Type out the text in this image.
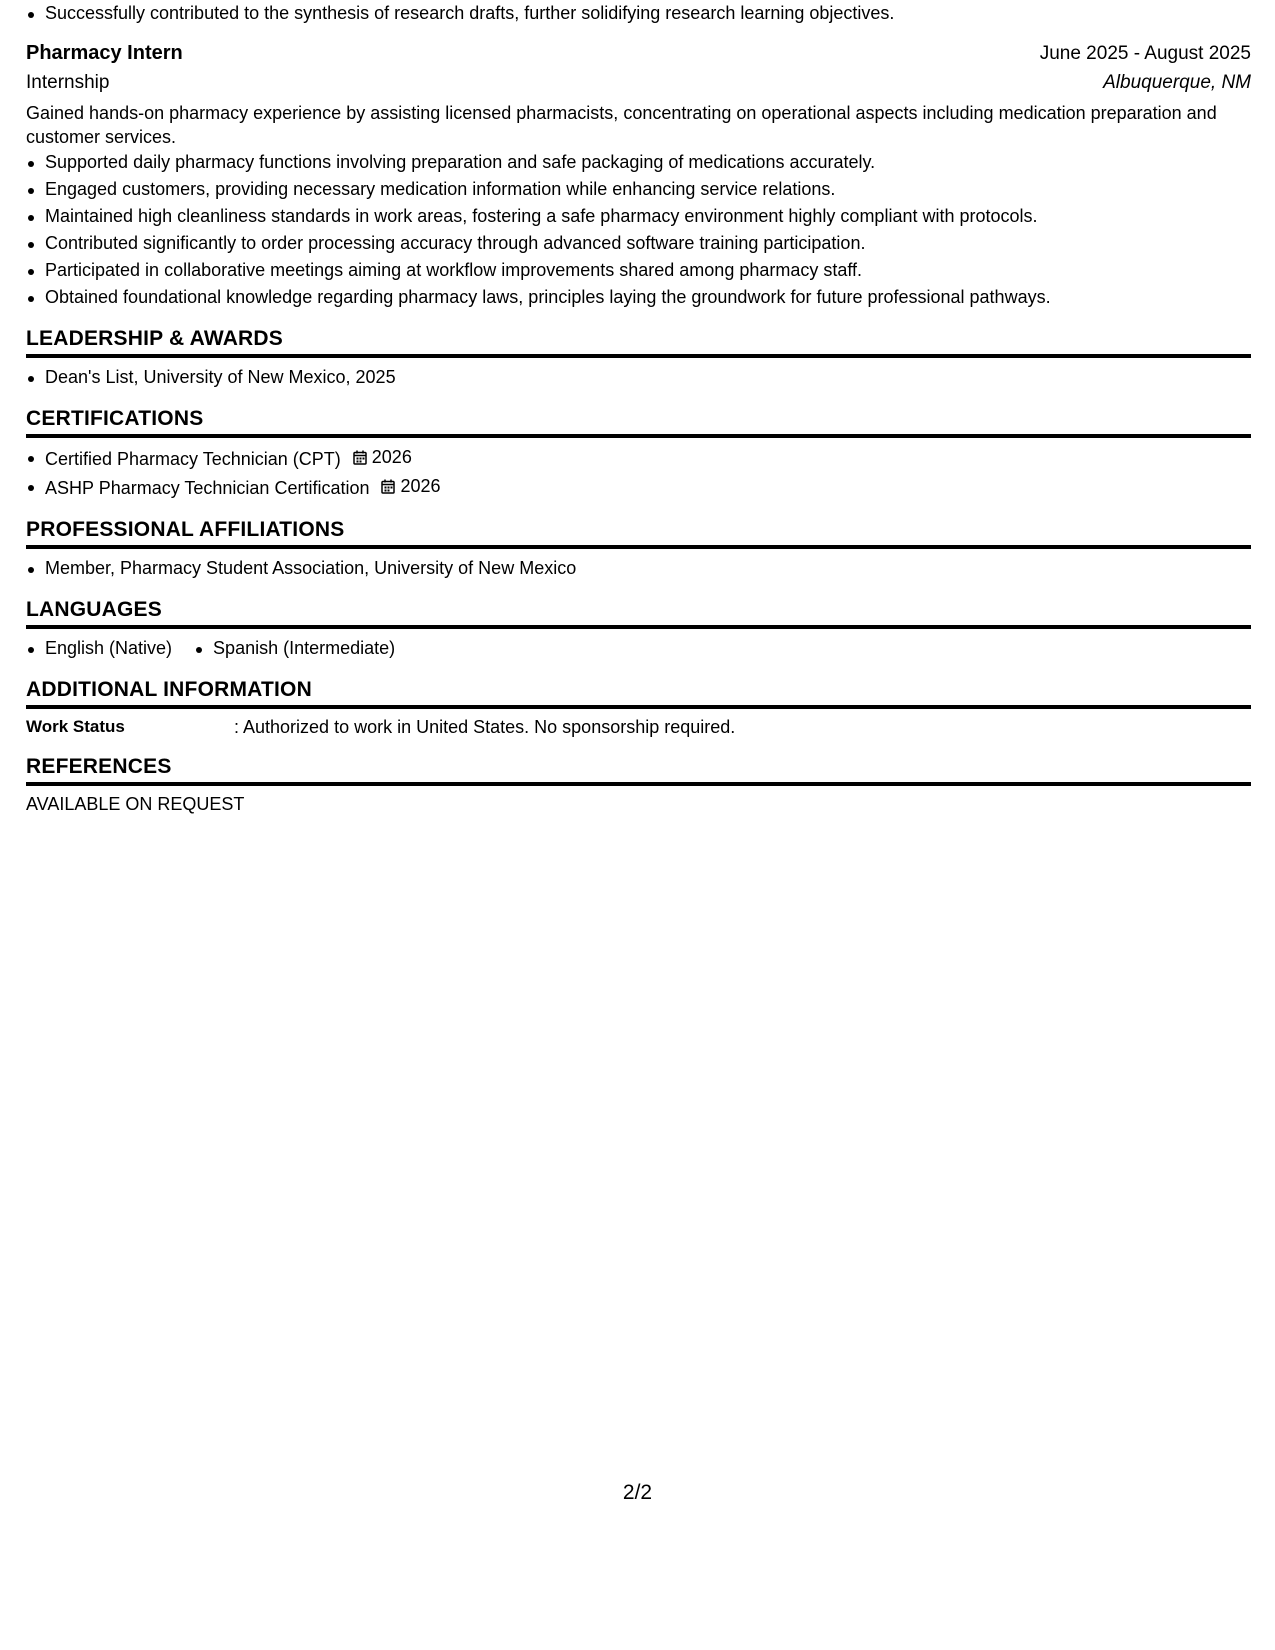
Successfully contributed to the synthesis of research drafts, further solidifying research learning objectives.
Pharmacy Intern	June 2025 - August 2025
Internship	Albuquerque, NM

Gained hands-on pharmacy experience by assisting licensed pharmacists, concentrating on operational aspects including medication preparation and customer services.

Supported daily pharmacy functions involving preparation and safe packaging of medications accurately.
Engaged customers, providing necessary medication information while enhancing service relations.
Maintained high cleanliness standards in work areas, fostering a safe pharmacy environment highly compliant with protocols.
Contributed significantly to order processing accuracy through advanced software training participation.
Participated in collaborative meetings aiming at workflow improvements shared among pharmacy staff.
Obtained foundational knowledge regarding pharmacy laws, principles laying the groundwork for future professional pathways.
LEADERSHIP & AWARDS
Dean's List, University of New Mexico, 2025
CERTIFICATIONS
Certified Pharmacy Technician (CPT) 2026
ASHP Pharmacy Technician Certification 2026
PROFESSIONAL AFFILIATIONS
Member, Pharmacy Student Association, University of New Mexico
LANGUAGES
English (Native)	Spanish (Intermediate)
ADDITIONAL INFORMATION
Work Status	: Authorized to work in United States. No sponsorship required.
REFERENCES
AVAILABLE ON REQUEST
2/2
